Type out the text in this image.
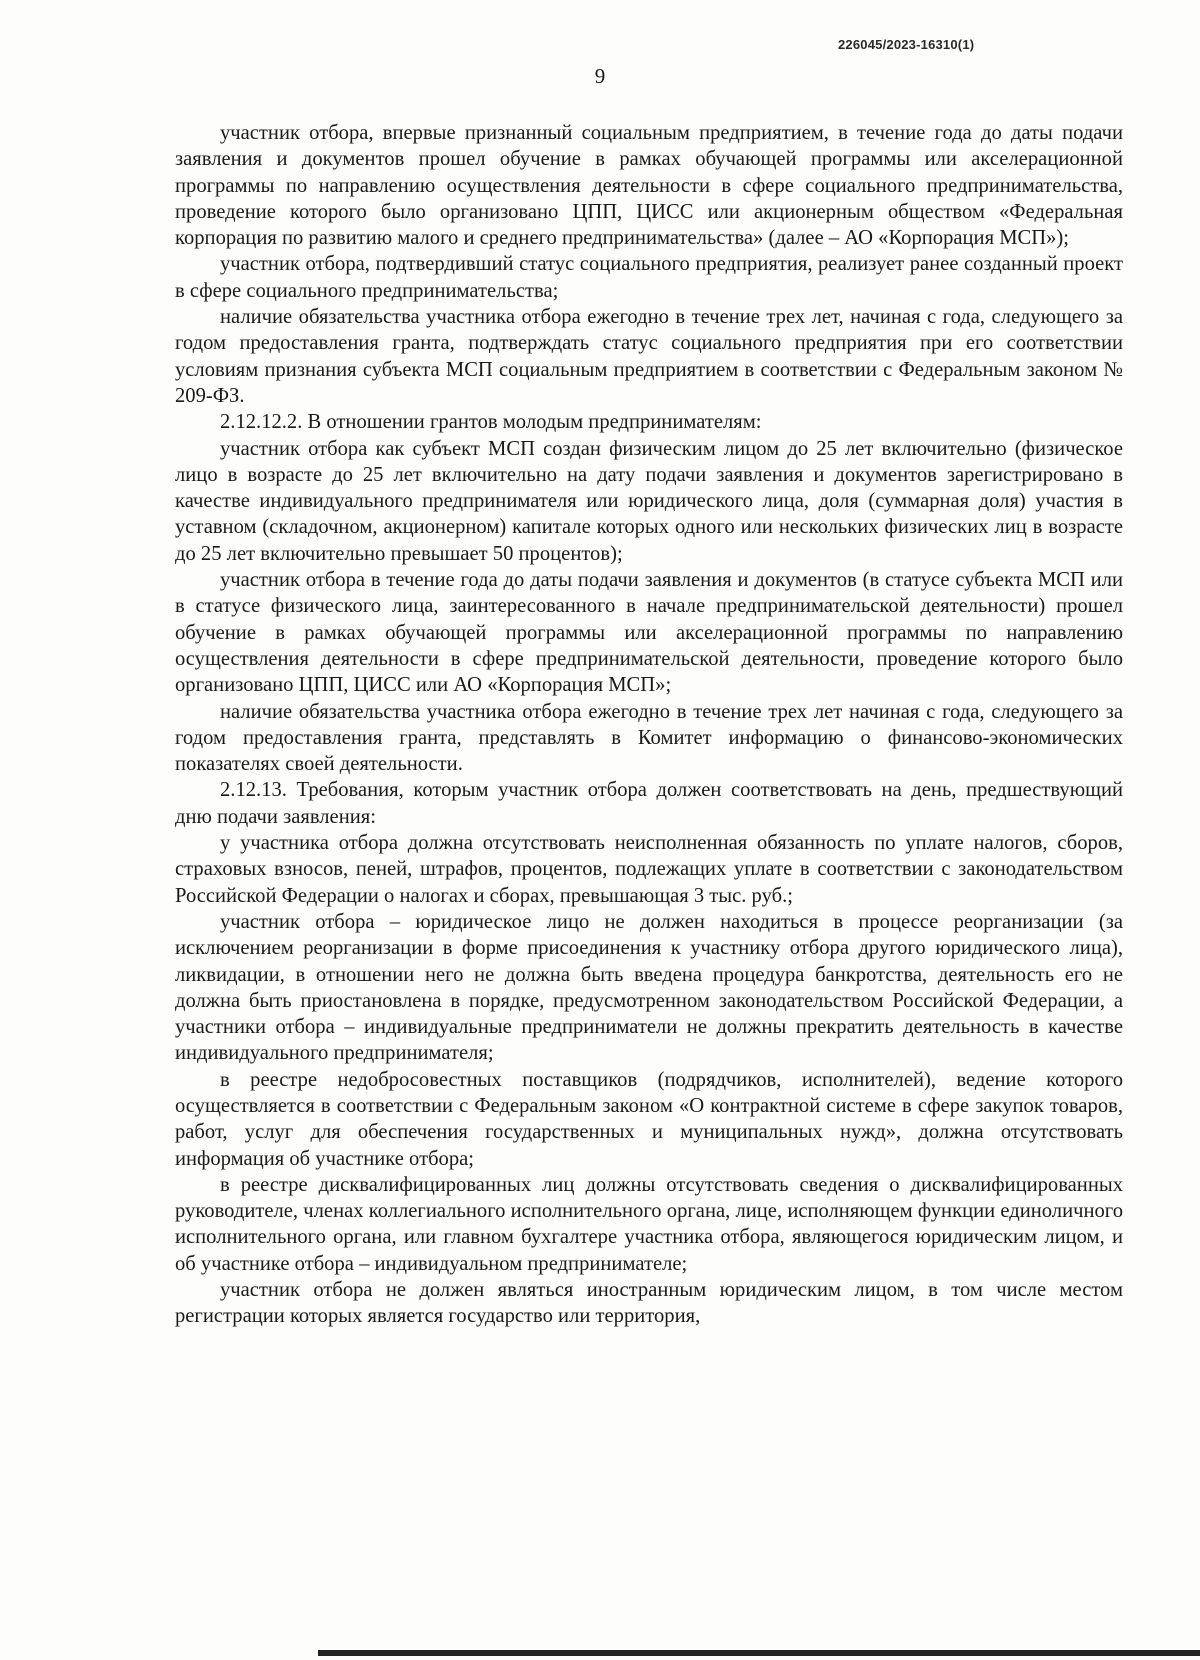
226045/2023-16310(1)
9

участник отбора, впервые признанный социальным предприятием, в течение года до даты подачи заявления и документов прошел обучение в рамках обучающей программы или акселерационной программы по направлению осуществления деятельности в сфере социального предпринимательства, проведение которого было организовано ЦПП, ЦИСС или акционерным обществом «Федеральная корпорация по развитию малого и среднего предпринимательства» (далее – АО «Корпорация МСП»);

участник отбора, подтвердивший статус социального предприятия, реализует ранее созданный проект в сфере социального предпринимательства;

наличие обязательства участника отбора ежегодно в течение трех лет, начиная с года, следующего за годом предоставления гранта, подтверждать статус социального предприятия при его соответствии условиям признания субъекта МСП социальным предприятием в соответствии с Федеральным законом № 209-ФЗ.

2.12.12.2. В отношении грантов молодым предпринимателям:

участник отбора как субъект МСП создан физическим лицом до 25 лет включительно (физическое лицо в возрасте до 25 лет включительно на дату подачи заявления и документов зарегистрировано в качестве индивидуального предпринимателя или юридического лица, доля (суммарная доля) участия в уставном (складочном, акционерном) капитале которых одного или нескольких физических лиц в возрасте до 25 лет включительно превышает 50 процентов);

участник отбора в течение года до даты подачи заявления и документов (в статусе субъекта МСП или в статусе физического лица, заинтересованного в начале предпринимательской деятельности) прошел обучение в рамках обучающей программы или акселерационной программы по направлению осуществления деятельности в сфере предпринимательской деятельности, проведение которого было организовано ЦПП, ЦИСС или АО «Корпорация МСП»;

наличие обязательства участника отбора ежегодно в течение трех лет начиная с года, следующего за годом предоставления гранта, представлять в Комитет информацию о финансово-экономических показателях своей деятельности.

2.12.13. Требования, которым участник отбора должен соответствовать на день, предшествующий дню подачи заявления:

у участника отбора должна отсутствовать неисполненная обязанность по уплате налогов, сборов, страховых взносов, пеней, штрафов, процентов, подлежащих уплате в соответствии с законодательством Российской Федерации о налогах и сборах, превышающая 3 тыс. руб.;

участник отбора – юридическое лицо не должен находиться в процессе реорганизации (за исключением реорганизации в форме присоединения к участнику отбора другого юридического лица), ликвидации, в отношении него не должна быть введена процедура банкротства, деятельность его не должна быть приостановлена в порядке, предусмотренном законодательством Российской Федерации, а участники отбора – индивидуальные предприниматели не должны прекратить деятельность в качестве индивидуального предпринимателя;

в реестре недобросовестных поставщиков (подрядчиков, исполнителей), ведение которого осуществляется в соответствии с Федеральным законом «О контрактной системе в сфере закупок товаров, работ, услуг для обеспечения государственных и муниципальных нужд», должна отсутствовать информация об участнике отбора;

в реестре дисквалифицированных лиц должны отсутствовать сведения о дисквалифицированных руководителе, членах коллегиального исполнительного органа, лице, исполняющем функции единоличного исполнительного органа, или главном бухгалтере участника отбора, являющегося юридическим лицом, и об участнике отбора – индивидуальном предпринимателе;

участник отбора не должен являться иностранным юридическим лицом, в том числе местом регистрации которых является государство или территория,
